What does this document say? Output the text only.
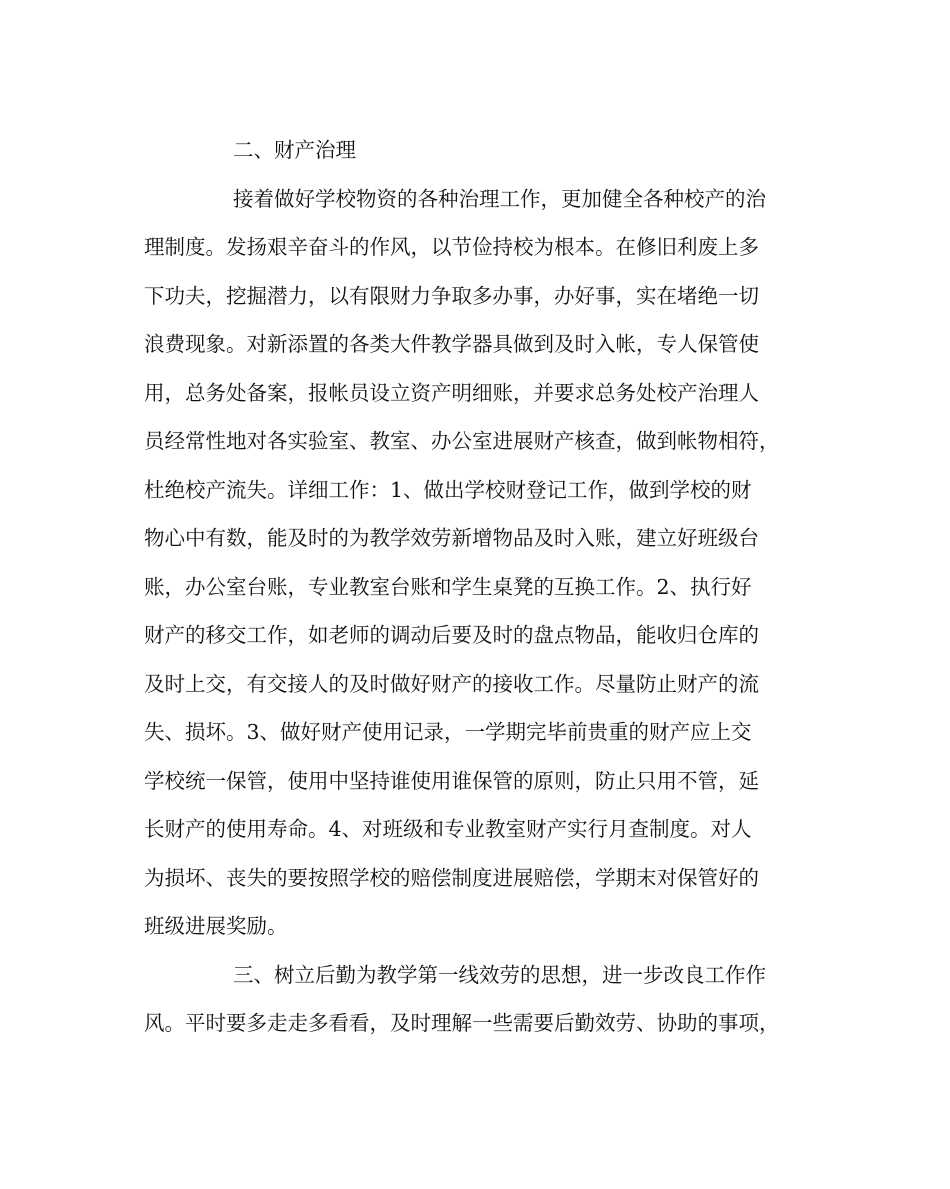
二、财产治理
接着做好学校物资的各种治理工作，更加健全各种校产的治
理制度。发扬艰辛奋斗的作风，以节俭持校为根本。在修旧利废上多
下功夫，挖掘潜力，以有限财力争取多办事，办好事，实在堵绝一切
浪费现象。对新添置的各类大件教学器具做到及时入帐，专人保管使
用，总务处备案，报帐员设立资产明细账，并要求总务处校产治理人
员经常性地对各实验室、教室、办公室进展财产核查，做到帐物相符，
杜绝校产流失。详细工作：1、做出学校财登记工作，做到学校的财
物心中有数，能及时的为教学效劳新增物品及时入账，建立好班级台
账，办公室台账，专业教室台账和学生桌凳的互换工作。2、执行好
财产的移交工作，如老师的调动后要及时的盘点物品，能收归仓库的
及时上交，有交接人的及时做好财产的接收工作。尽量防止财产的流
失、损坏。3、做好财产使用记录，一学期完毕前贵重的财产应上交
学校统一保管，使用中坚持谁使用谁保管的原则，防止只用不管，延
长财产的使用寿命。4、对班级和专业教室财产实行月查制度。对人
为损坏、丧失的要按照学校的赔偿制度进展赔偿，学期末对保管好的
班级进展奖励。
三、树立后勤为教学第一线效劳的思想，进一步改良工作作
风。平时要多走走多看看，及时理解一些需要后勤效劳、协助的事项，
